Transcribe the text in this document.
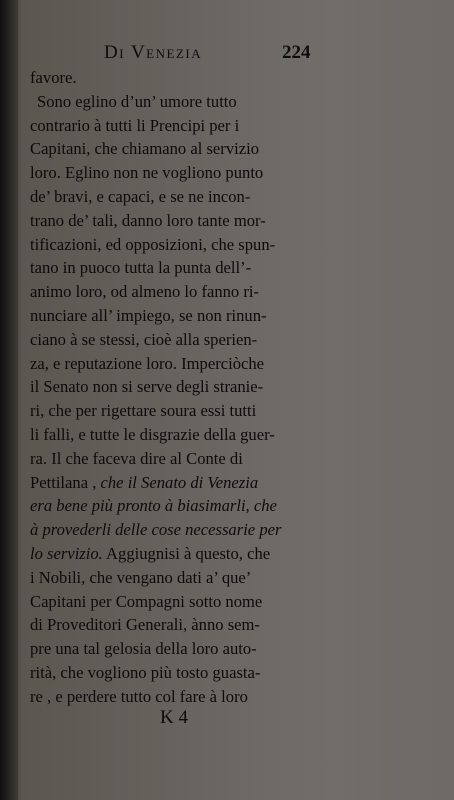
Di Venezia	224
favore.
Sono eglino d’un’ umore tutto
contrario à tutti li Prencipi per i
Capitani, che chiamano al servizio
loro. Eglino non ne vogliono punto
de’ bravi, e capaci, e se ne incon-
trano de’ tali, danno loro tante mor-
tificazioni, ed opposizioni, che spun-
tano in puoco tutta la punta dell’-
animo loro, od almeno lo fanno ri-
nunciare all’ impiego, se non rinun-
ciano à se stessi, cioè alla sperien-
za, e reputazione loro. Imperciòche
il Senato non si serve degli stranie-
ri, che per rigettare soura essi tutti
li falli, e tutte le disgrazie della guer-
ra. Il che faceva dire al Conte di
Pettilana , che il Senato di Venezia
era bene più pronto à biasimarli, che
à provederli delle cose necessarie per
lo servizio. Aggiugnisi à questo, che
i Nobili, che vengano dati a’ que’
Capitani per Compagni sotto nome
di Proveditori Generali, ànno sem-
pre una tal gelosia della loro auto-
rità, che vogliono più tosto guasta-
re , e perdere tutto col fare à loro
K 4
